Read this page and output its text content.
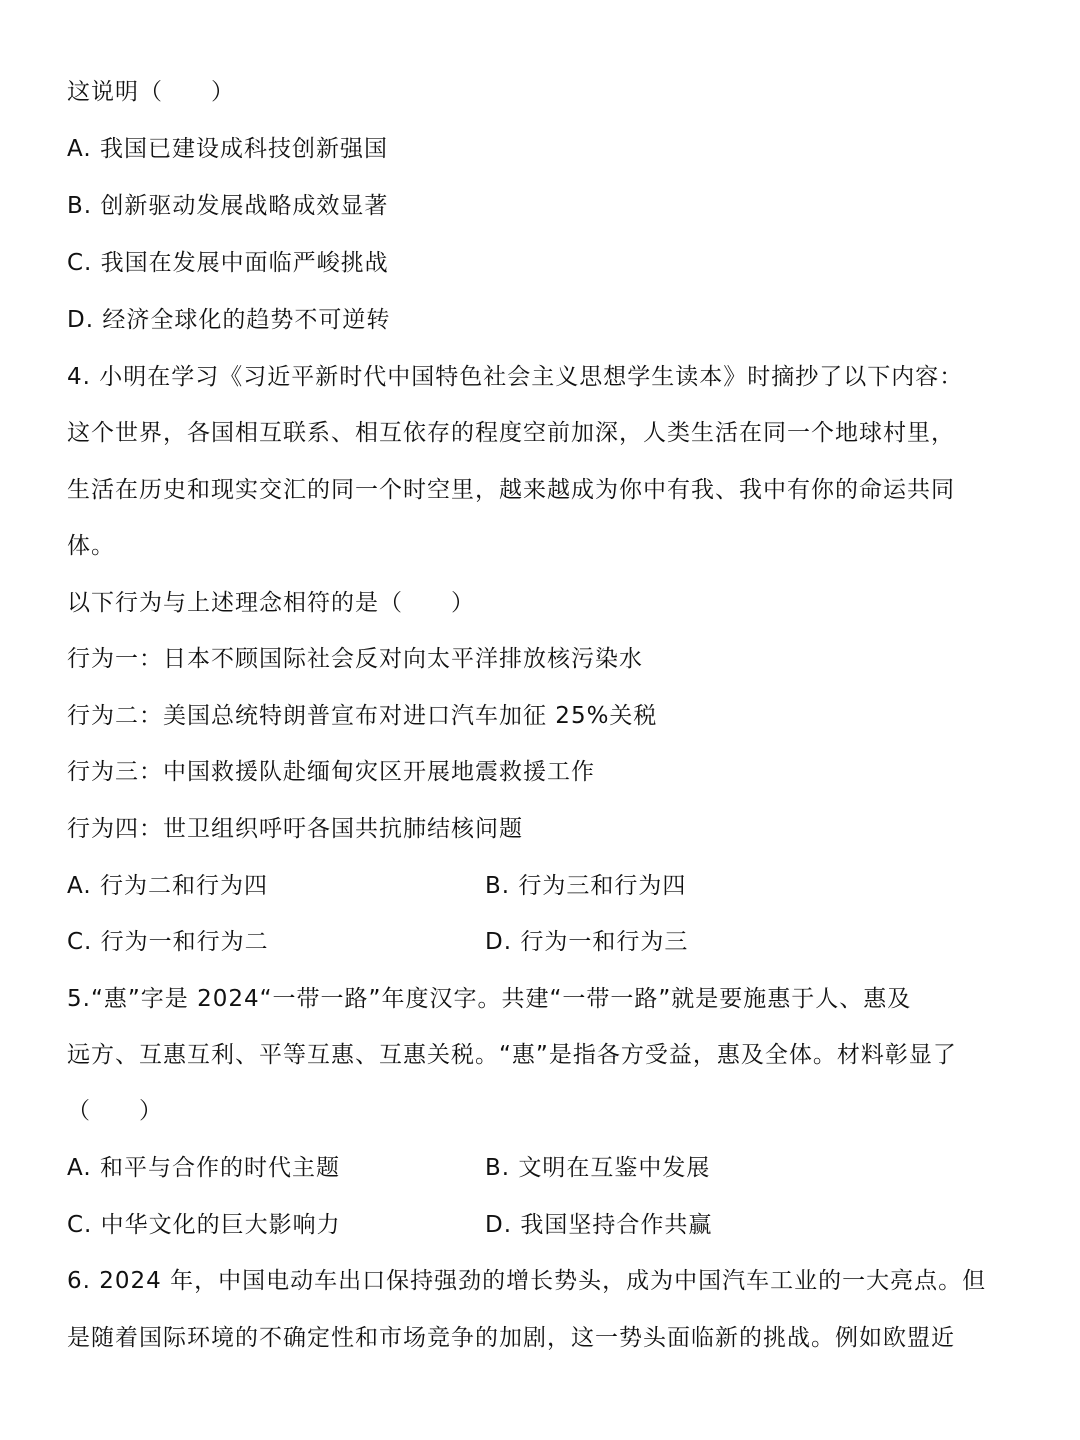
这说明（　　）
A. 我国已建设成科技创新强国
B. 创新驱动发展战略成效显著
C. 我国在发展中面临严峻挑战
D. 经济全球化的趋势不可逆转
4. 小明在学习《习近平新时代中国特色社会主义思想学生读本》时摘抄了以下内容：
这个世界，各国相互联系、相互依存的程度空前加深，人类生活在同一个地球村里，
生活在历史和现实交汇的同一个时空里，越来越成为你中有我、我中有你的命运共同
体。
以下行为与上述理念相符的是（　　）
行为一：日本不顾国际社会反对向太平洋排放核污染水
行为二：美国总统特朗普宣布对进口汽车加征 25%关税
行为三：中国救援队赴缅甸灾区开展地震救援工作
行为四：世卫组织呼吁各国共抗肺结核问题
A. 行为二和行为四	B. 行为三和行为四
C. 行为一和行为二	D. 行为一和行为三
5.“惠”字是 2024“一带一路”年度汉字。共建“一带一路”就是要施惠于人、惠及
远方、互惠互利、平等互惠、互惠关税。“惠”是指各方受益，惠及全体。材料彰显了
（　　）
A. 和平与合作的时代主题	B. 文明在互鉴中发展
C. 中华文化的巨大影响力	D. 我国坚持合作共赢
6. 2024 年，中国电动车出口保持强劲的增长势头，成为中国汽车工业的一大亮点。但
是随着国际环境的不确定性和市场竞争的加剧，这一势头面临新的挑战。例如欧盟近
